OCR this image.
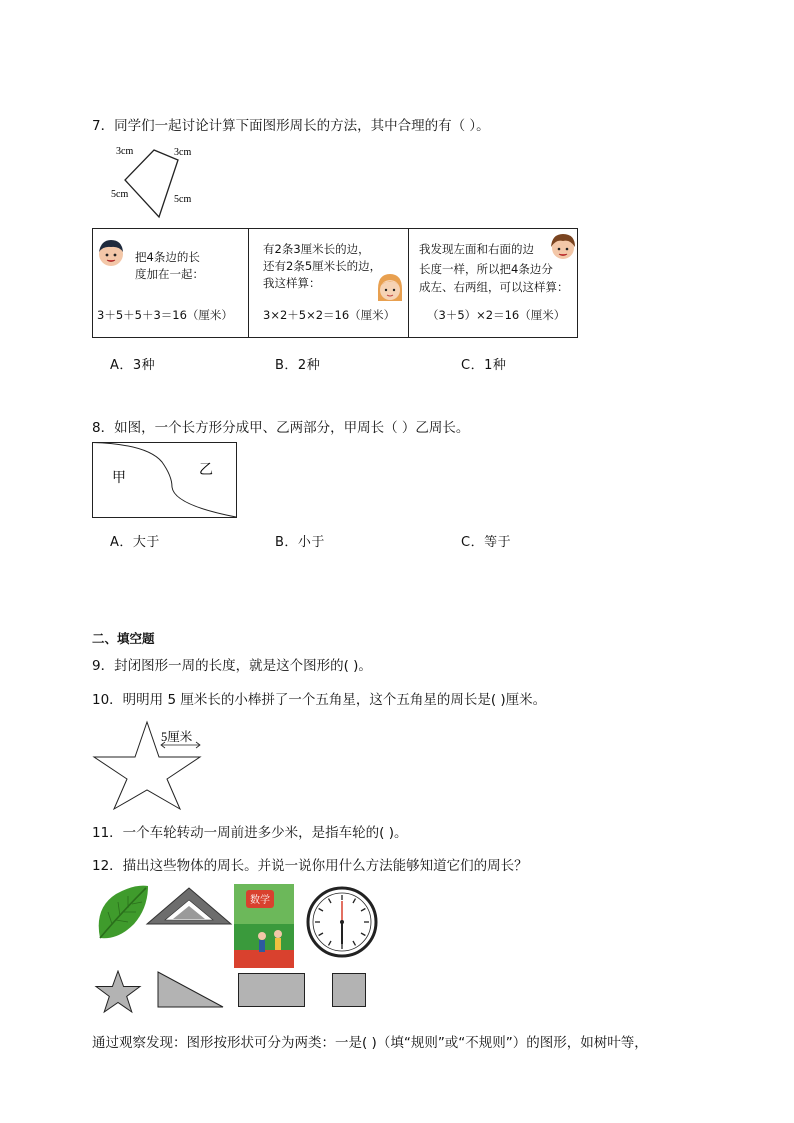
7．同学们一起讨论计算下面图形周长的方法，其中合理的有（ ）。
3cm	3cm
5cm	5cm
把4条边的长
度加在一起：
3＋5＋5＋3＝16（厘米）
有2条3厘米长的边，
还有2条5厘米长的边，
我这样算：
3×2＋5×2＝16（厘米）
我发现左面和右面的边
长度一样，所以把4条边分
成左、右两组，可以这样算：
（3＋5）×2＝16（厘米）
A．3种	B．2种	C．1种
8．如图，一个长方形分成甲、乙两部分，甲周长（ ）乙周长。
甲	乙
A．大于	B．小于	C．等于
二、填空题
9．封闭图形一周的长度，就是这个图形的( )。
10．明明用 5 厘米长的小棒拼了一个五角星，这个五角星的周长是( )厘米。
5厘米
11．一个车轮转动一周前进多少米，是指车轮的( )。
12．描出这些物体的周长。并说一说你用什么方法能够知道它们的周长？
数学
通过观察发现：图形按形状可分为两类：一是( )（填“规则”或“不规则”）的图形，如树叶等，
